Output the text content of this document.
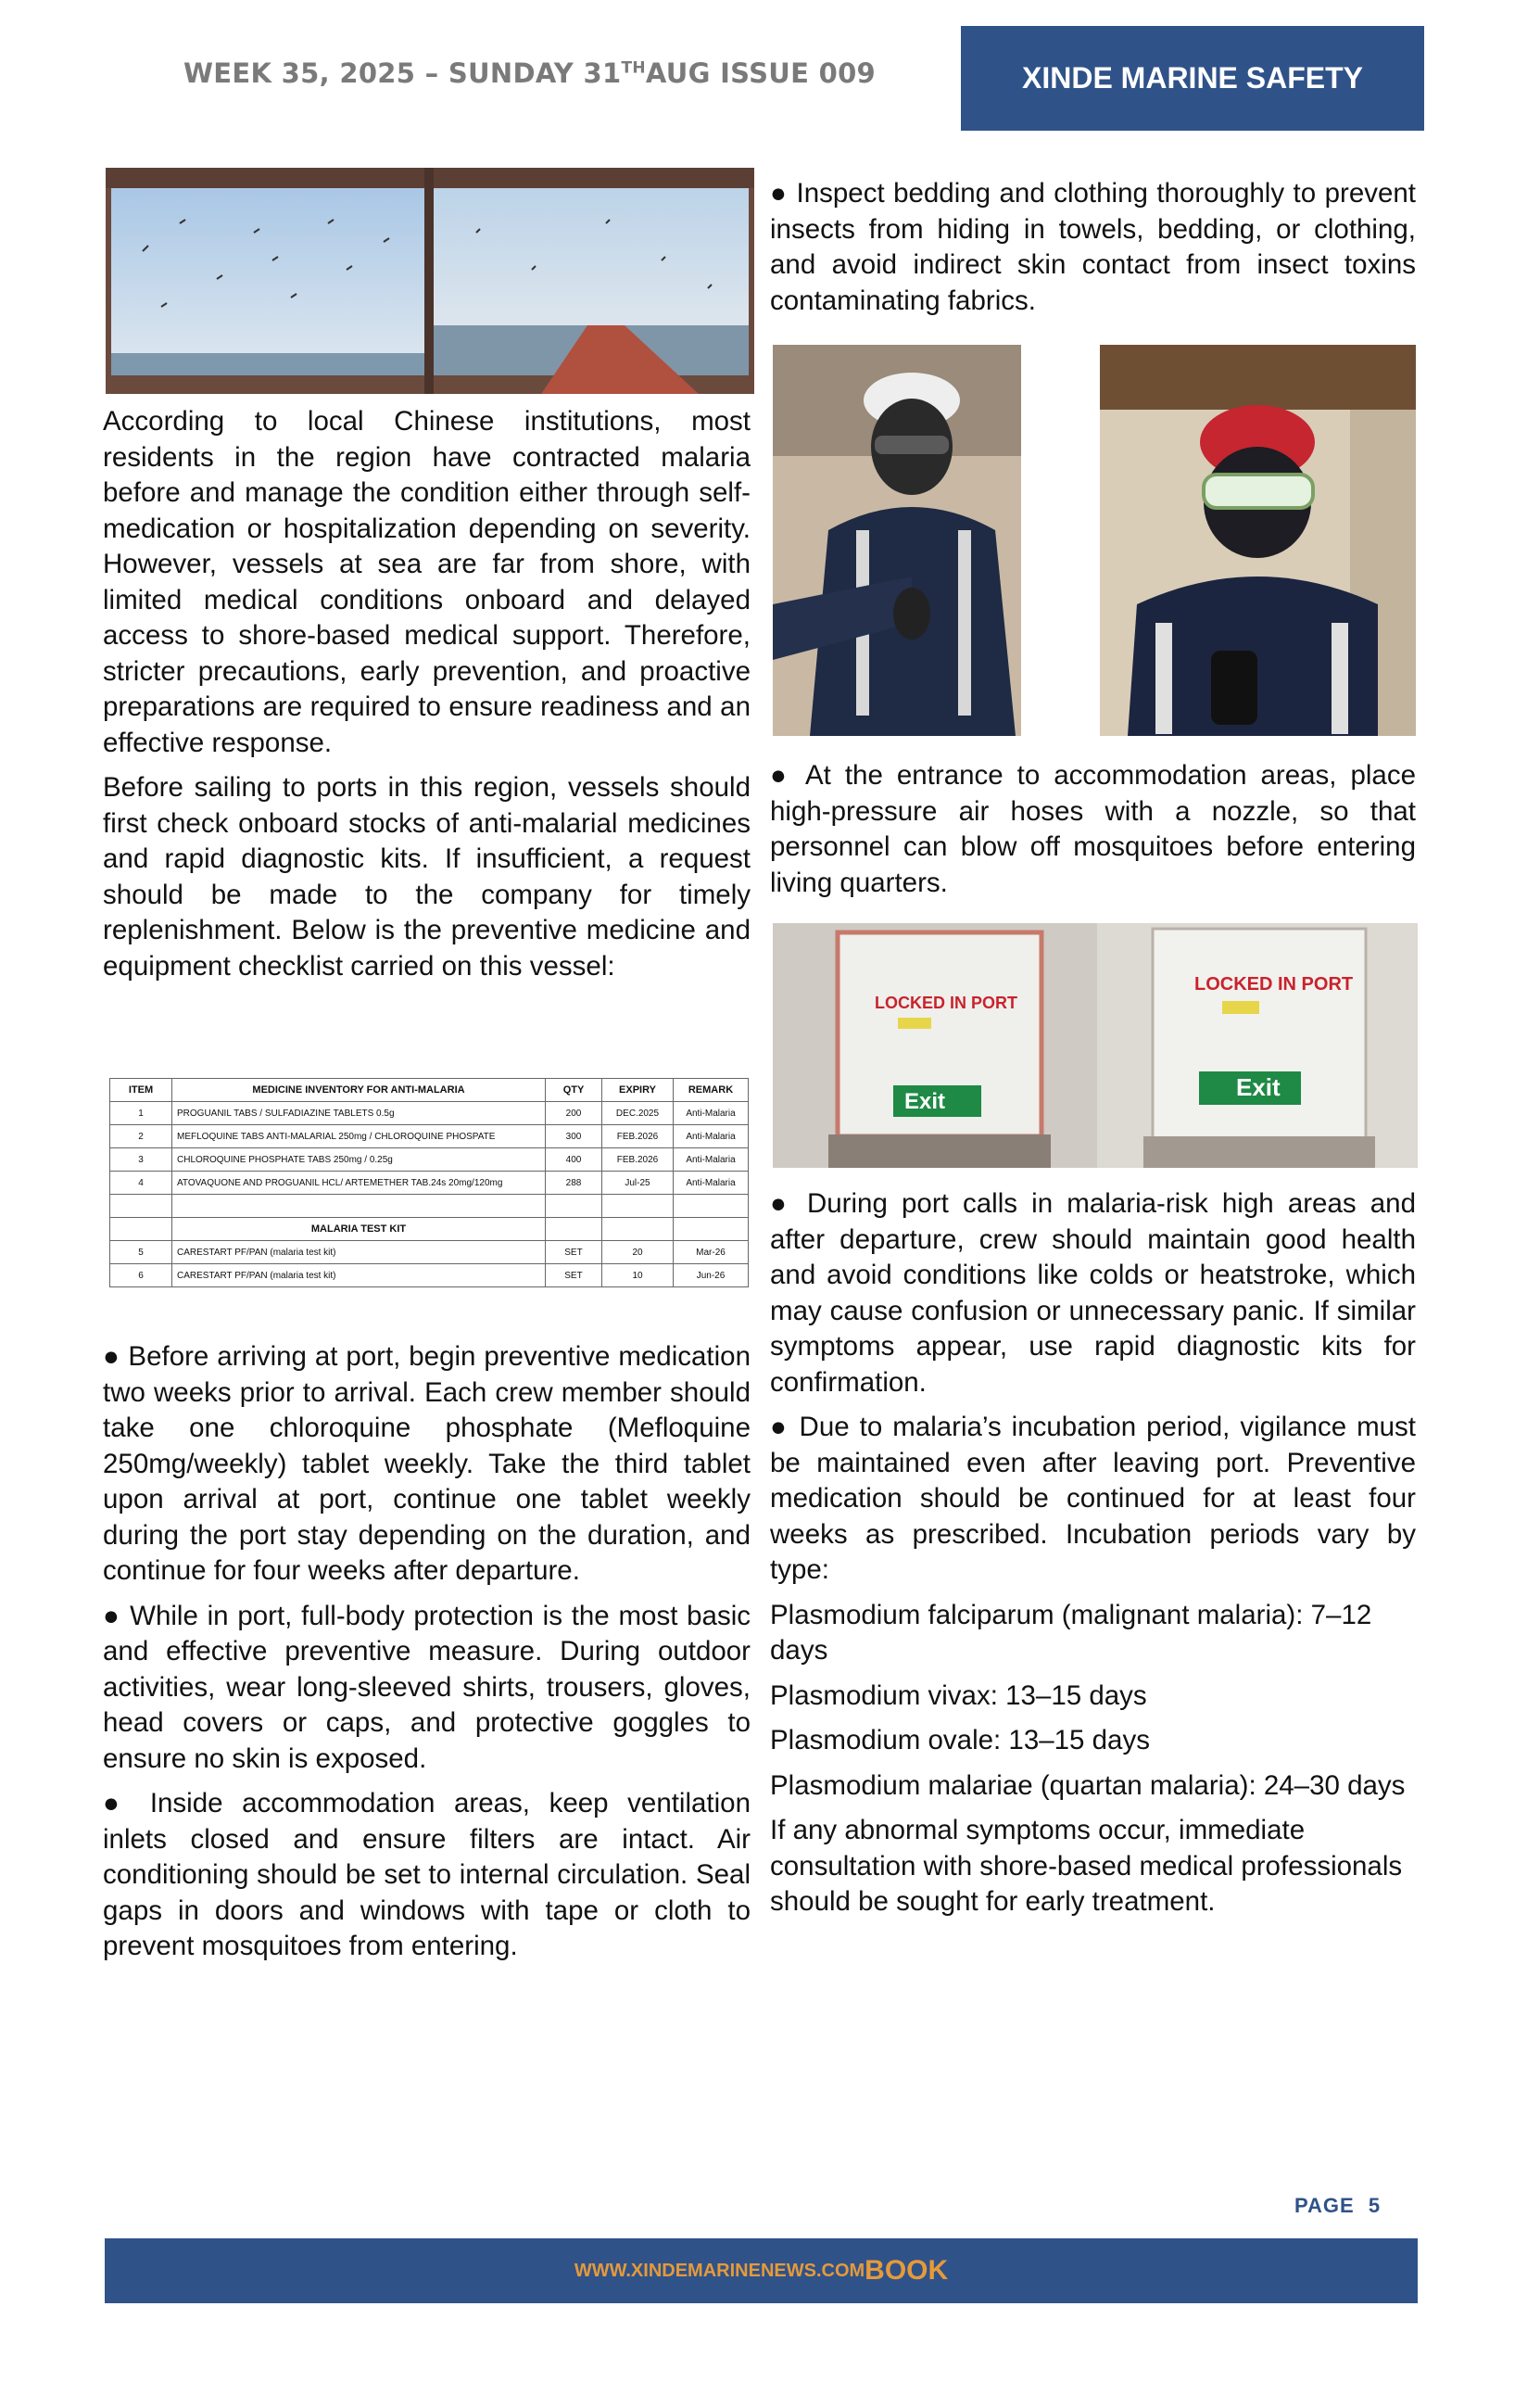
WEEK 35, 2025 – SUNDAY 31THAUG ISSUE 009	XINDE MARINE SAFETY

According to local Chinese institutions, most residents in the region have contracted malaria before and manage the condition either through self-medication or hospitalization depending on severity. However, vessels at sea are far from shore, with limited medical conditions onboard and delayed access to shore-based medical support. Therefore, stricter precautions, early prevention, and proactive preparations are required to ensure readiness and an effective response.

Before sailing to ports in this region, vessels should first check onboard stocks of anti-malarial medicines and rapid diagnostic kits. If insufficient, a request should be made to the company for timely replenishment. Below is the preventive medicine and equipment checklist carried on this vessel:

ITEM	MEDICINE INVENTORY FOR ANTI-MALARIA	QTY	EXPIRY	REMARK
1	PROGUANIL TABS / SULFADIAZINE TABLETS 0.5g	200	DEC.2025	Anti-Malaria
2	MEFLOQUINE TABS ANTI-MALARIAL 250mg / CHLOROQUINE PHOSPATE	300	FEB.2026	Anti-Malaria
3	CHLOROQUINE PHOSPHATE TABS 250mg / 0.25g	400	FEB.2026	Anti-Malaria
4	ATOVAQUONE AND PROGUANIL HCL/ ARTEMETHER TAB.24s 20mg/120mg	288	Jul-25	Anti-Malaria

	MALARIA TEST KIT			
5	CARESTART PF/PAN (malaria test kit)	SET	20	Mar-26
6	CARESTART PF/PAN (malaria test kit)	SET	10	Jun-26

● Before arriving at port, begin preventive medication two weeks prior to arrival. Each crew member should take one chloroquine phosphate (Mefloquine 250mg/weekly) tablet weekly. Take the third tablet upon arrival at port, continue one tablet weekly during the port stay depending on the duration, and continue for four weeks after departure.

● While in port, full-body protection is the most basic and effective preventive measure. During outdoor activities, wear long-sleeved shirts, trousers, gloves, head covers or caps, and protective goggles to ensure no skin is exposed.

● Inside accommodation areas, keep ventilation inlets closed and ensure filters are intact. Air conditioning should be set to internal circulation. Seal gaps in doors and windows with tape or cloth to prevent mosquitoes from entering.

● Inspect bedding and clothing thoroughly to prevent insects from hiding in towels, bedding, or clothing, and avoid indirect skin contact from insect toxins contaminating fabrics.

● At the entrance to accommodation areas, place high-pressure air hoses with a nozzle, so that personnel can blow off mosquitoes before entering living quarters.

LOCKED IN PORT
LOCKED IN PORT
Exit
Exit

● During port calls in malaria-risk high areas and after departure, crew should maintain good health and avoid conditions like colds or heatstroke, which may cause confusion or unnecessary panic. If similar symptoms appear, use rapid diagnostic kits for confirmation.

● Due to malaria’s incubation period, vigilance must be maintained even after leaving port. Preventive medication should be continued for at least four weeks as prescribed. Incubation periods vary by type:

Plasmodium falciparum (malignant malaria): 7–12 days

Plasmodium vivax: 13–15 days

Plasmodium ovale: 13–15 days

Plasmodium malariae (quartan malaria): 24–30 days

If any abnormal symptoms occur, immediate consultation with shore-based medical professionals should be sought for early treatment.

PAGE 5
WWW.XINDEMARINENEWS.COM BOOK
